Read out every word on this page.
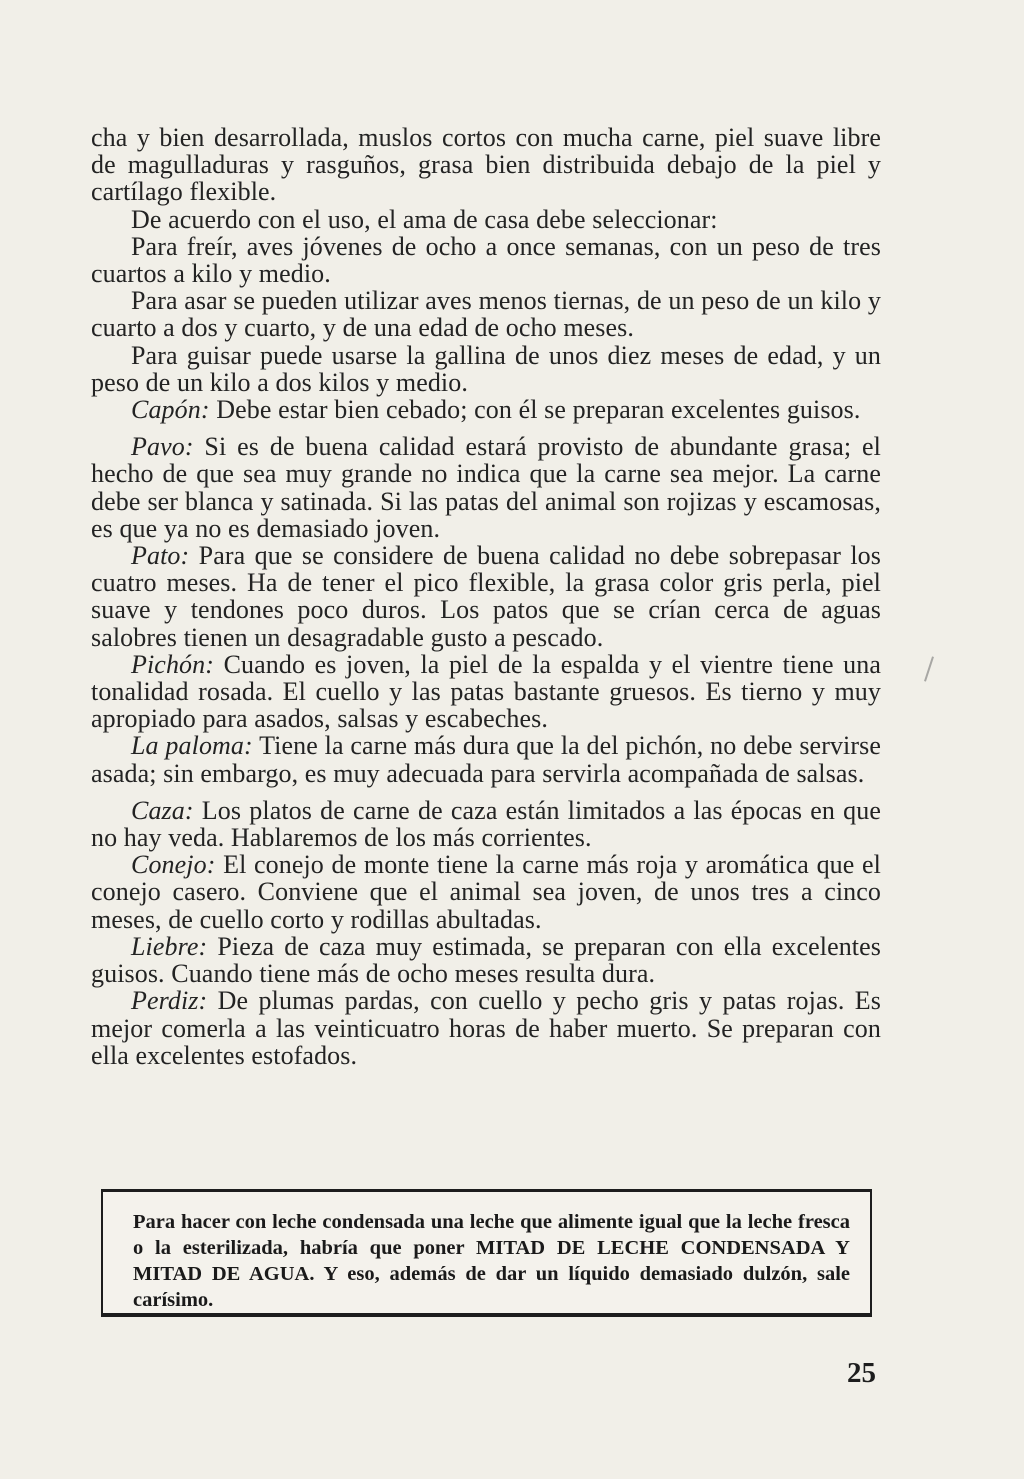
cha y bien desarrollada, muslos cortos con mucha carne, piel suave libre de magulladuras y rasguños, grasa bien distribuida debajo de la piel y cartílago flexible.

De acuerdo con el uso, el ama de casa debe seleccionar:

Para freír, aves jóvenes de ocho a once semanas, con un peso de tres cuartos a kilo y medio.

Para asar se pueden utilizar aves menos tiernas, de un peso de un kilo y cuarto a dos y cuarto, y de una edad de ocho meses.

Para guisar puede usarse la gallina de unos diez meses de edad, y un peso de un kilo a dos kilos y medio.

Capón: Debe estar bien cebado; con él se preparan excelentes guisos.

Pavo: Si es de buena calidad estará provisto de abundante grasa; el hecho de que sea muy grande no indica que la carne sea mejor. La carne debe ser blanca y satinada. Si las patas del animal son rojizas y escamosas, es que ya no es demasiado joven.

Pato: Para que se considere de buena calidad no debe sobrepasar los cuatro meses. Ha de tener el pico flexible, la grasa color gris perla, piel suave y tendones poco duros. Los patos que se crían cerca de aguas salobres tienen un desagradable gusto a pescado.

Pichón: Cuando es joven, la piel de la espalda y el vientre tiene una tonalidad rosada. El cuello y las patas bastante gruesos. Es tierno y muy apropiado para asados, salsas y escabeches.

La paloma: Tiene la carne más dura que la del pichón, no debe servirse asada; sin embargo, es muy adecuada para servirla acompañada de salsas.

Caza: Los platos de carne de caza están limitados a las épocas en que no hay veda. Hablaremos de los más corrientes.

Conejo: El conejo de monte tiene la carne más roja y aromática que el conejo casero. Conviene que el animal sea joven, de unos tres a cinco meses, de cuello corto y rodillas abultadas.

Liebre: Pieza de caza muy estimada, se preparan con ella excelentes guisos. Cuando tiene más de ocho meses resulta dura.

Perdiz: De plumas pardas, con cuello y pecho gris y patas rojas. Es mejor comerla a las veinticuatro horas de haber muerto. Se preparan con ella excelentes estofados.

Para hacer con leche condensada una leche que alimente igual que la leche fresca o la esterilizada, habría que poner MITAD DE LECHE CONDENSADA Y MITAD DE AGUA. Y eso, además de dar un líquido demasiado dulzón, sale carísimo.
25
